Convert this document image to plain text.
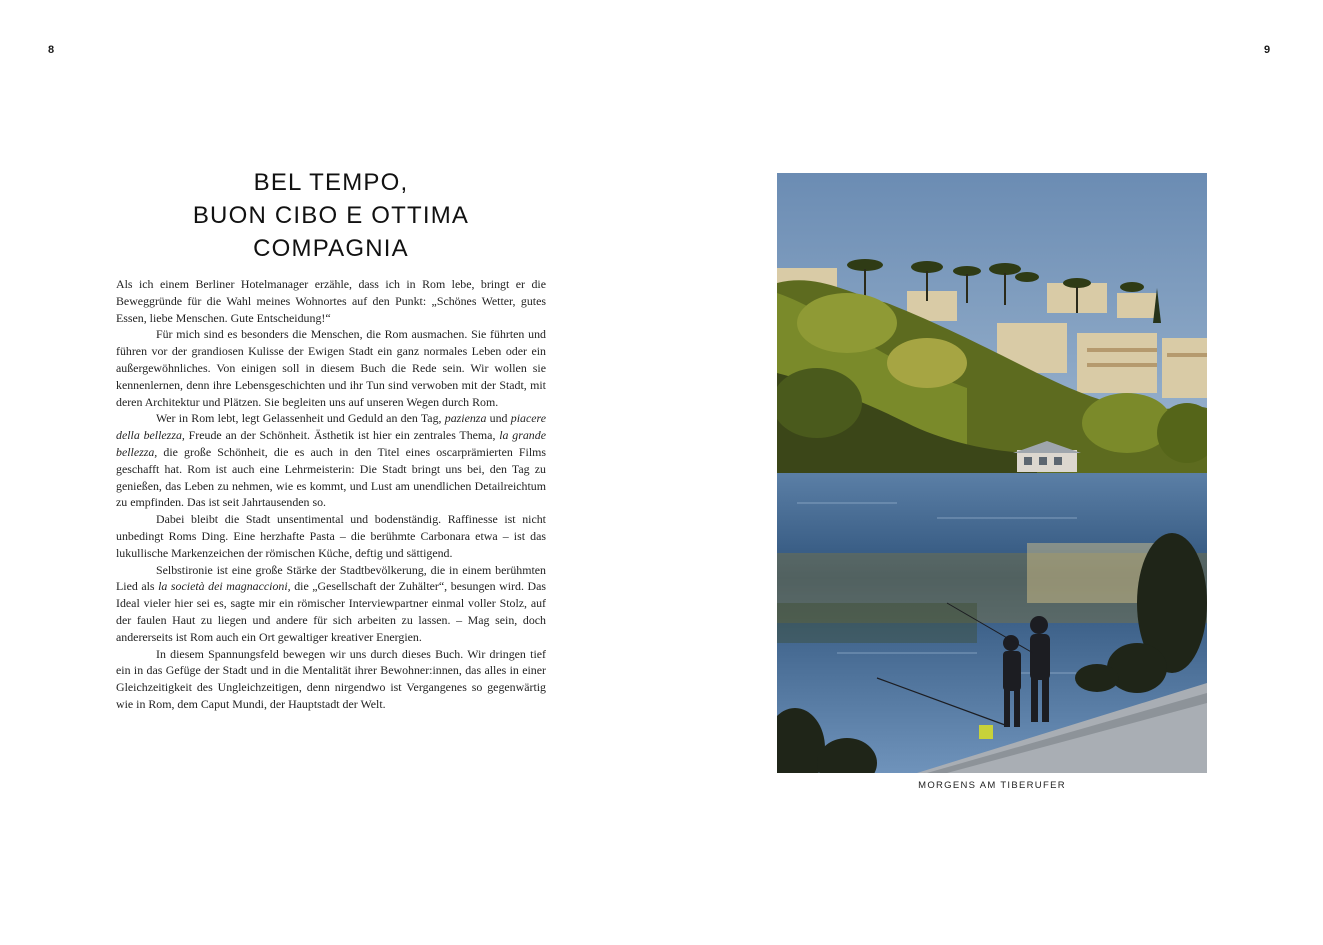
8	9
BEL TEMPO,
BUON CIBO E OTTIMA
COMPAGNIA

Als ich einem Berliner Hotelmanager erzähle, dass ich in Rom lebe, bringt er die Beweggründe für die Wahl meines Wohnortes auf den Punkt: „Schönes Wetter, gutes Essen, liebe Menschen. Gute Entscheidung!“

Für mich sind es besonders die Menschen, die Rom ausmachen. Sie führten und führen vor der grandiosen Kulisse der Ewigen Stadt ein ganz normales Leben oder ein außergewöhnliches. Von einigen soll in diesem Buch die Rede sein. Wir wollen sie kennenlernen, denn ihre Lebensgeschichten und ihr Tun sind verwoben mit der Stadt, mit deren Architektur und Plätzen. Sie begleiten uns auf unseren Wegen durch Rom.

Wer in Rom lebt, legt Gelassenheit und Geduld an den Tag, pazienza und piacere della bellezza, Freude an der Schönheit. Ästhetik ist hier ein zentrales Thema, la grande bellezza, die große Schönheit, die es auch in den Titel eines oscarprämierten Films geschafft hat. Rom ist auch eine Lehrmeisterin: Die Stadt bringt uns bei, den Tag zu genießen, das Leben zu nehmen, wie es kommt, und Lust am unendlichen Detailreichtum zu empfinden. Das ist seit Jahrtausenden so.

Dabei bleibt die Stadt unsentimental und bodenständig. Raffinesse ist nicht unbedingt Roms Ding. Eine herzhafte Pasta – die berühmte Carbonara etwa – ist das lukullische Markenzeichen der römischen Küche, deftig und sättigend.

Selbstironie ist eine große Stärke der Stadtbevölkerung, die in einem berühmten Lied als la società dei magnaccioni, die „Gesellschaft der Zuhälter“, besungen wird. Das Ideal vieler hier sei es, sagte mir ein römischer Interviewpartner einmal voller Stolz, auf der faulen Haut zu liegen und andere für sich arbeiten zu lassen. – Mag sein, doch andererseits ist Rom auch ein Ort gewaltiger kreativer Energien.

In diesem Spannungsfeld bewegen wir uns durch dieses Buch. Wir dringen tief ein in das Gefüge der Stadt und in die Mentalität ihrer Bewohner:innen, das alles in einer Gleichzeitigkeit des Ungleichzeitigen, denn nirgendwo ist Vergangenes so gegenwärtig wie in Rom, dem Caput Mundi, der Hauptstadt der Welt.

MORGENS AM TIBERUFER
